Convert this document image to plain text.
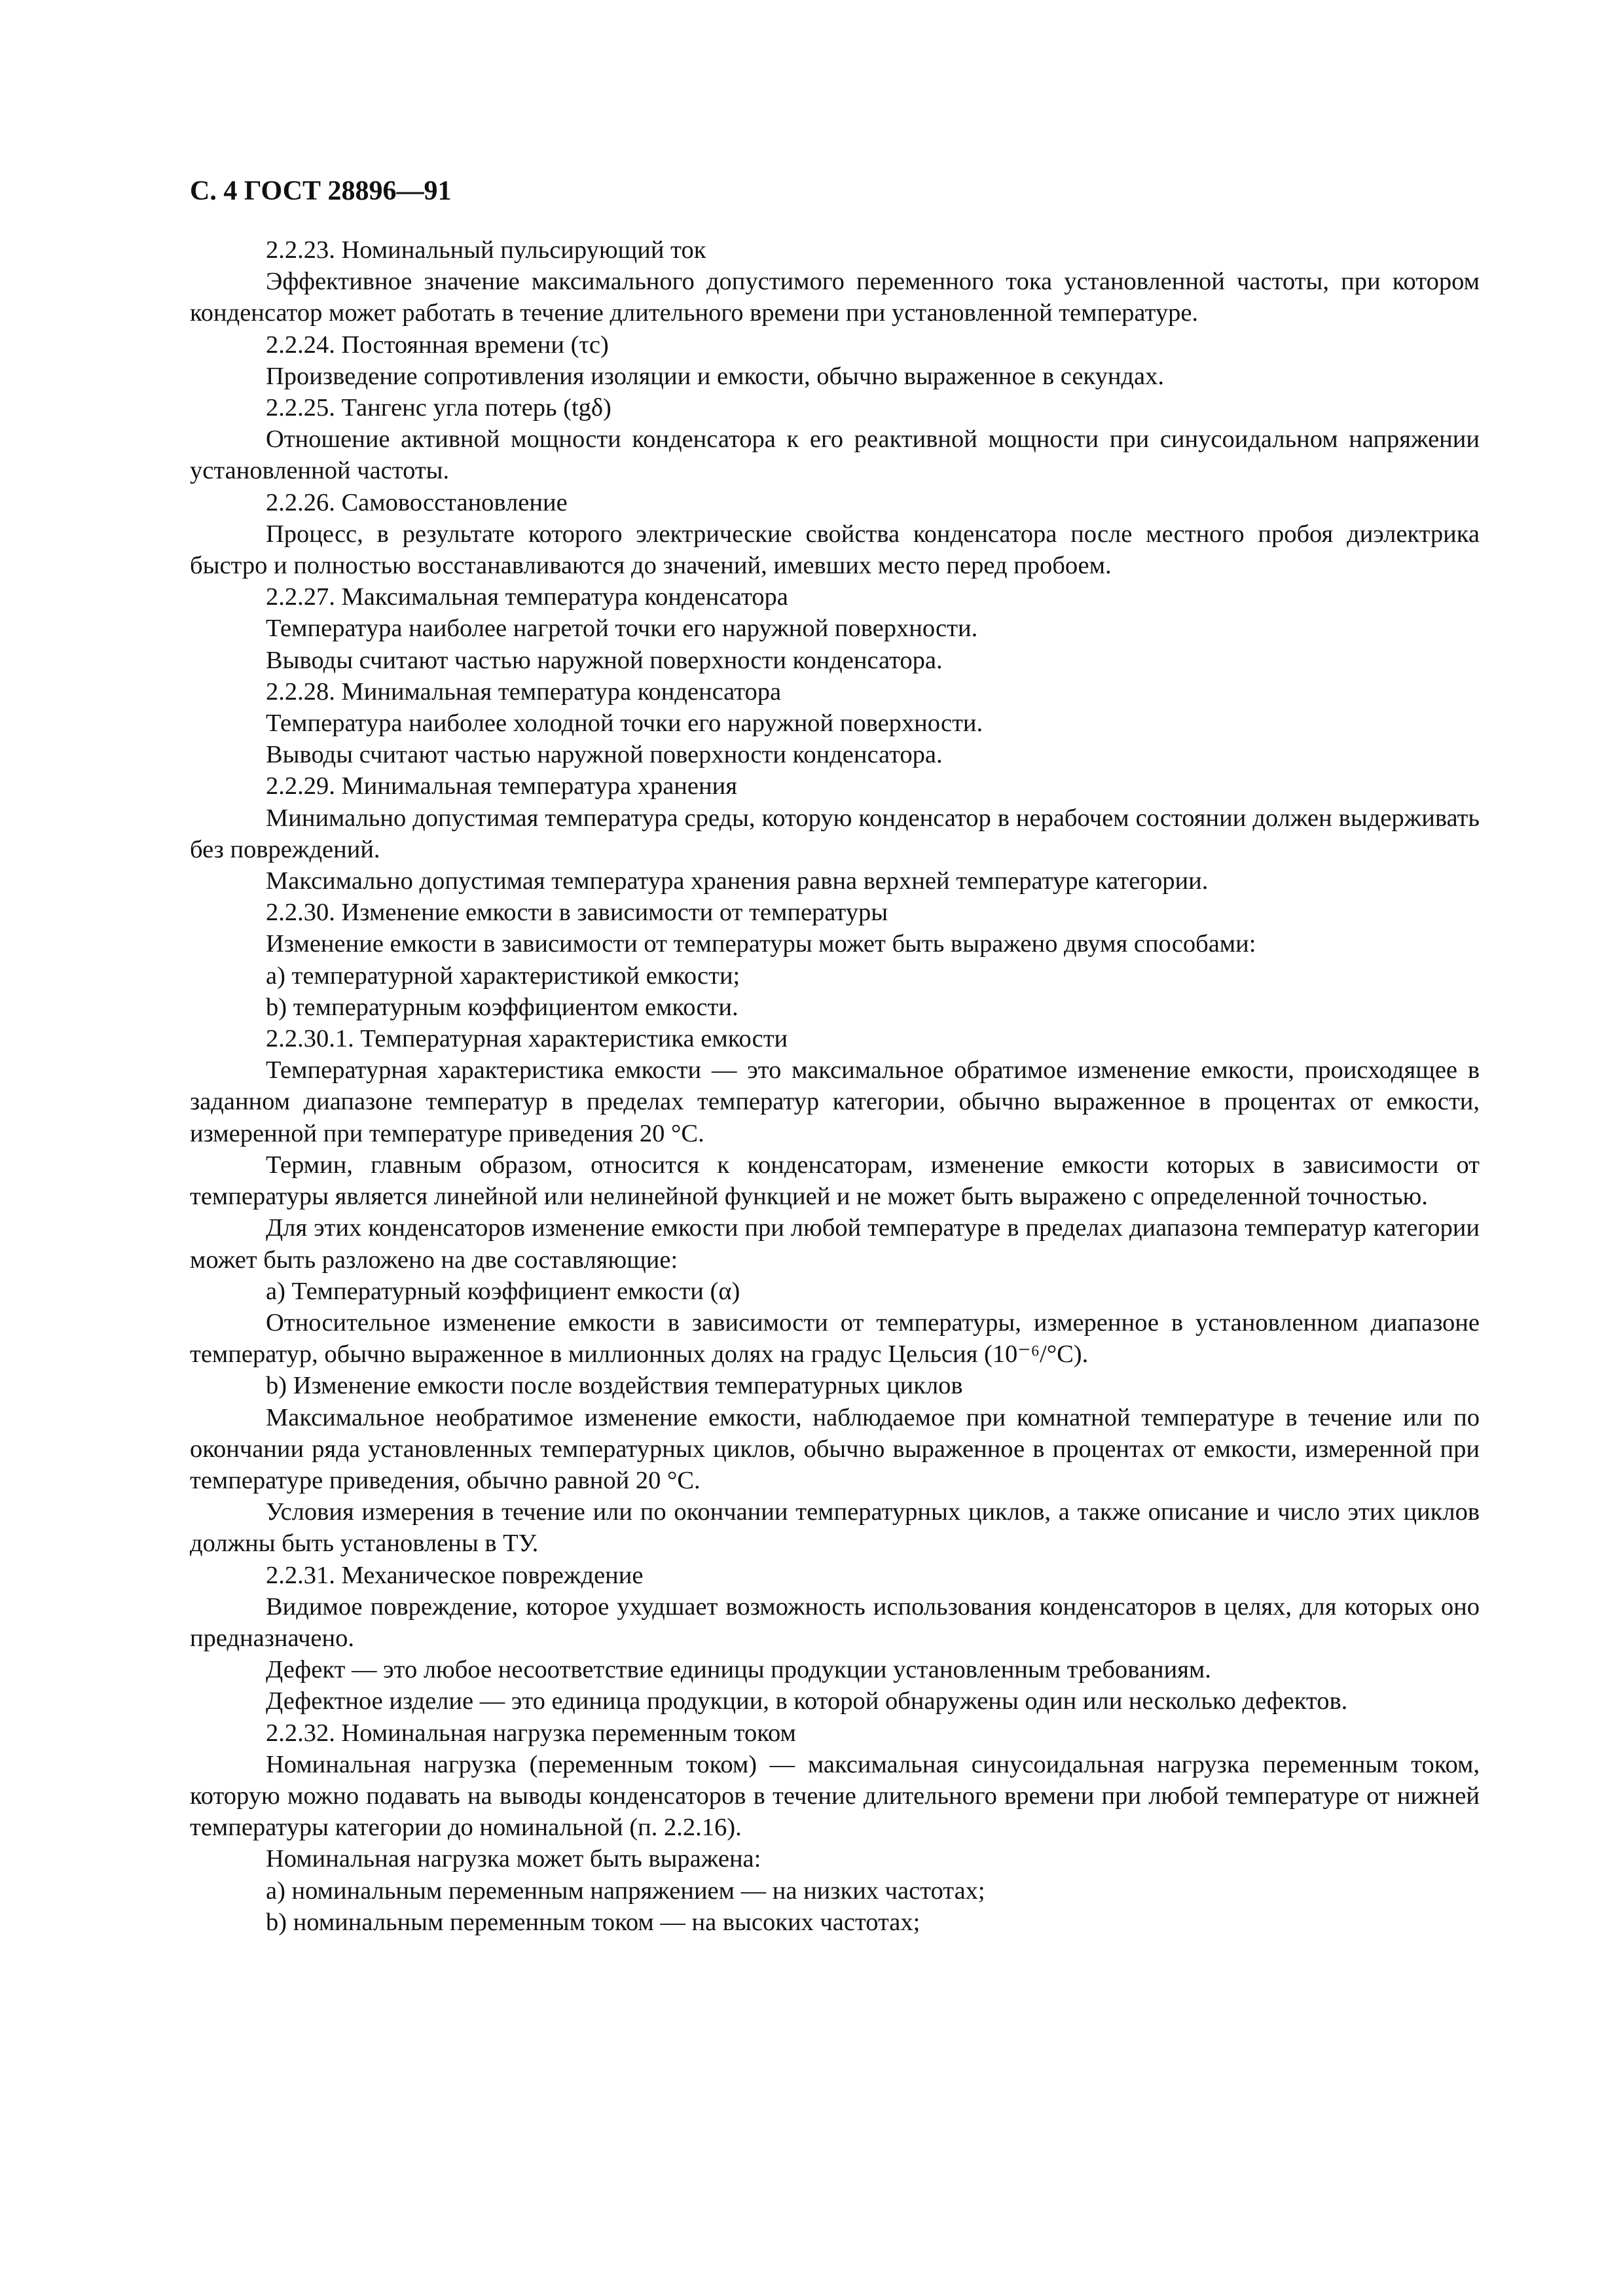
С. 4 ГОСТ 28896—91
2.2.23. Номинальный пульсирующий ток
Эффективное значение максимального допустимого переменного тока установленной частоты, при котором конденсатор может работать в течение длительного времени при установленной температуре.
2.2.24. Постоянная времени (τс)
Произведение сопротивления изоляции и емкости, обычно выраженное в секундах.
2.2.25. Тангенс угла потерь (tgδ)
Отношение активной мощности конденсатора к его реактивной мощности при синусоидальном напряжении установленной частоты.
2.2.26. Самовосстановление
Процесс, в результате которого электрические свойства конденсатора после местного пробоя диэлектрика быстро и полностью восстанавливаются до значений, имевших место перед пробоем.
2.2.27. Максимальная температура конденсатора
Температура наиболее нагретой точки его наружной поверхности.
Выводы считают частью наружной поверхности конденсатора.
2.2.28. Минимальная температура конденсатора
Температура наиболее холодной точки его наружной поверхности.
Выводы считают частью наружной поверхности конденсатора.
2.2.29. Минимальная температура хранения
Минимально допустимая температура среды, которую конденсатор в нерабочем состоянии должен выдерживать без повреждений.
Максимально допустимая температура хранения равна верхней температуре категории.
2.2.30. Изменение емкости в зависимости от температуры
Изменение емкости в зависимости от температуры может быть выражено двумя способами:
a) температурной характеристикой емкости;
b) температурным коэффициентом емкости.
2.2.30.1. Температурная характеристика емкости
Температурная характеристика емкости — это максимальное обратимое изменение емкости, происходящее в заданном диапазоне температур в пределах температур категории, обычно выраженное в процентах от емкости, измеренной при температуре приведения 20 °С.
Термин, главным образом, относится к конденсаторам, изменение емкости которых в зависимости от температуры является линейной или нелинейной функцией и не может быть выражено с определенной точностью.
Для этих конденсаторов изменение емкости при любой температуре в пределах диапазона температур категории может быть разложено на две составляющие:
a) Температурный коэффициент емкости (α)
Относительное изменение емкости в зависимости от температуры, измеренное в установленном диапазоне температур, обычно выраженное в миллионных долях на градус Цельсия (10⁻⁶/°С).
b) Изменение емкости после воздействия температурных циклов
Максимальное необратимое изменение емкости, наблюдаемое при комнатной температуре в течение или по окончании ряда установленных температурных циклов, обычно выраженное в процентах от емкости, измеренной при температуре приведения, обычно равной 20 °С.
Условия измерения в течение или по окончании температурных циклов, а также описание и число этих циклов должны быть установлены в ТУ.
2.2.31. Механическое повреждение
Видимое повреждение, которое ухудшает возможность использования конденсаторов в целях, для которых оно предназначено.
Дефект — это любое несоответствие единицы продукции установленным требованиям.
Дефектное изделие — это единица продукции, в которой обнаружены один или несколько дефектов.
2.2.32. Номинальная нагрузка переменным током
Номинальная нагрузка (переменным током) — максимальная синусоидальная нагрузка переменным током, которую можно подавать на выводы конденсаторов в течение длительного времени при любой температуре от нижней температуры категории до номинальной (п. 2.2.16).
Номинальная нагрузка может быть выражена:
a) номинальным переменным напряжением — на низких частотах;
b) номинальным переменным током — на высоких частотах;
